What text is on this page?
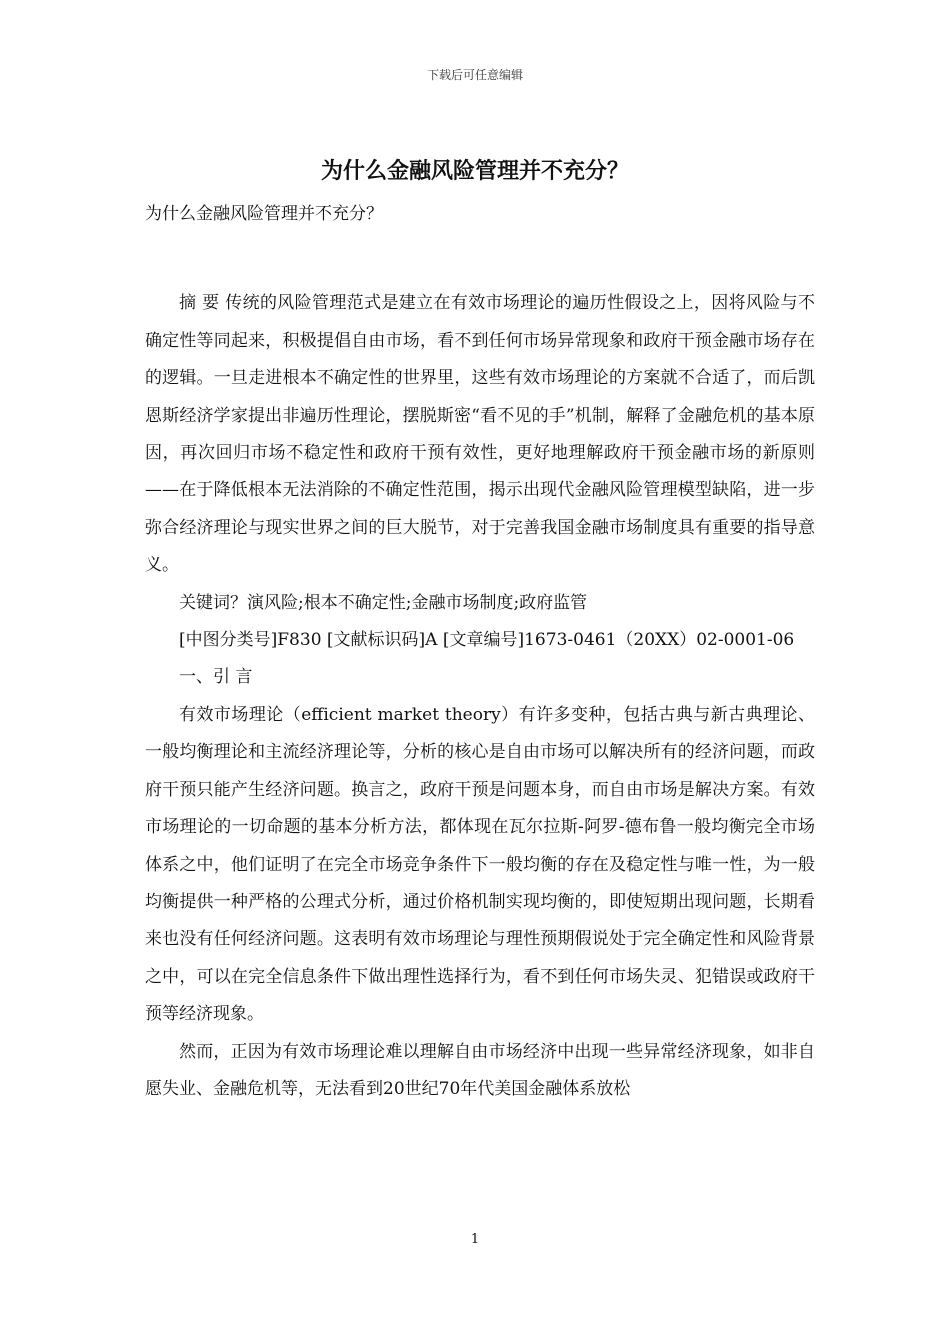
下载后可任意编辑
为什么金融风险管理并不充分？

为什么金融风险管理并不充分？

摘 要 传统的风险管理范式是建立在有效市场理论的遍历性假设之上，因将风险与不确定性等同起来，积极提倡自由市场，看不到任何市场异常现象和政府干预金融市场存在的逻辑。一旦走进根本不确定性的世界里，这些有效市场理论的方案就不合适了，而后凯恩斯经济学家提出非遍历性理论，摆脱斯密“看不见的手”机制，解释了金融危机的基本原因，再次回归市场不稳定性和政府干预有效性，更好地理解政府干预金融市场的新原则——在于降低根本无法消除的不确定性范围，揭示出现代金融风险管理模型缺陷，进一步弥合经济理论与现实世界之间的巨大脱节，对于完善我国金融市场制度具有重要的指导意义。

关键词？演风险;根本不确定性;金融市场制度;政府监管

[中图分类号]F830 [文献标识码]A [文章编号]1673-0461（20XX）02-0001-06

一、引 言

有效市场理论（efficient market theory）有许多变种，包括古典与新古典理论、一般均衡理论和主流经济理论等，分析的核心是自由市场可以解决所有的经济问题，而政府干预只能产生经济问题。换言之，政府干预是问题本身，而自由市场是解决方案。有效市场理论的一切命题的基本分析方法，都体现在瓦尔拉斯-阿罗-德布鲁一般均衡完全市场体系之中，他们证明了在完全市场竞争条件下一般均衡的存在及稳定性与唯一性，为一般均衡提供一种严格的公理式分析，通过价格机制实现均衡的，即使短期出现问题，长期看来也没有任何经济问题。这表明有效市场理论与理性预期假说处于完全确定性和风险背景之中，可以在完全信息条件下做出理性选择行为，看不到任何市场失灵、犯错误或政府干预等经济现象。

然而，正因为有效市场理论难以理解自由市场经济中出现一些异常经济现象，如非自愿失业、金融危机等，无法看到20世纪70年代美国金融体系放松

1
